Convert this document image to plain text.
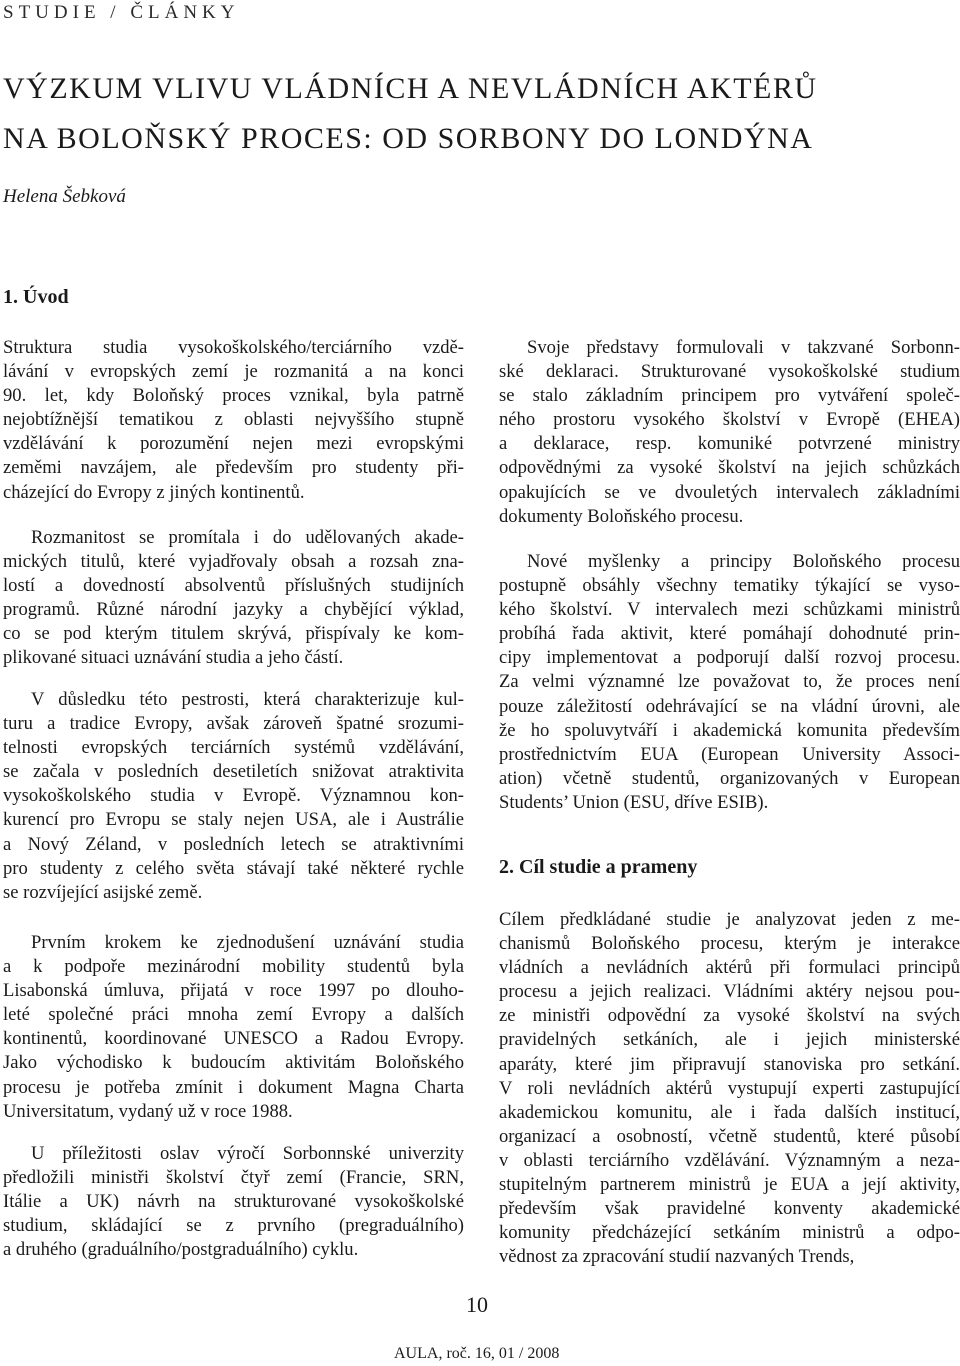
STUDIE / ČLÁNKY
VÝZKUM VLIVU VLÁDNÍCH A NEVLÁDNÍCH AKTÉRŮ
NA BOLOŇSKÝ PROCES: OD SORBONY DO LONDÝNA
Helena Šebková
1. Úvod

Struktura studia vysokoškolského/terciárního vzdě-
lávání v evropských zemí je rozmanitá a na konci
90. let, kdy Boloňský proces vznikal, byla patrně
nejobtížnější tematikou z oblasti nejvyššího stupně
vzdělávání k porozumění nejen mezi evropskými
zeměmi navzájem, ale především pro studenty při-
cházející do Evropy z jiných kontinentů.

Rozmanitost se promítala i do udělovaných akade-
mických titulů, které vyjadřovaly obsah a rozsah zna-
lostí a dovedností absolventů příslušných studijních
programů. Různé národní jazyky a chybějící výklad,
co se pod kterým titulem skrývá, přispívaly ke kom-
plikované situaci uznávání studia a jeho částí.

V důsledku této pestrosti, která charakterizuje kul-
turu a tradice Evropy, avšak zároveň špatné srozumi-
telnosti evropských terciárních systémů vzdělávání,
se začala v posledních desetiletích snižovat atraktivita
vysokoškolského studia v Evropě. Významnou kon-
kurencí pro Evropu se staly nejen USA, ale i Austrálie
a Nový Zéland, v posledních letech se atraktivními
pro studenty z celého světa stávají také některé rychle
se rozvíjející asijské země.

Prvním krokem ke zjednodušení uznávání studia
a k podpoře mezinárodní mobility studentů byla
Lisabonská úmluva, přijatá v roce 1997 po dlouho-
leté společné práci mnoha zemí Evropy a dalších
kontinentů, koordinované UNESCO a Radou Evropy.
Jako východisko k budoucím aktivitám Boloňského
procesu je potřeba zmínit i dokument Magna Charta
Universitatum, vydaný už v roce 1988.

U příležitosti oslav výročí Sorbonnské univerzity
předložili ministři školství čtyř zemí (Francie, SRN,
Itálie a UK) návrh na strukturované vysokoškolské
studium, skládající se z prvního (pregraduálního)
a druhého (graduálního/postgraduálního) cyklu.

Svoje představy formulovali v takzvané Sorbonn-
ské deklaraci. Strukturované vysokoškolské studium
se stalo základním principem pro vytváření společ-
ného prostoru vysokého školství v Evropě (EHEA)
a deklarace, resp. komuniké potvrzené ministry
odpovědnými za vysoké školství na jejich schůzkách
opakujících se ve dvouletých intervalech základními
dokumenty Boloňského procesu.

Nové myšlenky a principy Boloňského procesu
postupně obsáhly všechny tematiky týkající se vyso-
kého školství. V intervalech mezi schůzkami ministrů
probíhá řada aktivit, které pomáhají dohodnuté prin-
cipy implementovat a podporují další rozvoj procesu.
Za velmi významné lze považovat to, že proces není
pouze záležitostí odehrávající se na vládní úrovni, ale
že ho spoluvytváří i akademická komunita především
prostřednictvím EUA (European University Associ-
ation) včetně studentů, organizovaných v European
Students’ Union (ESU, dříve ESIB).

Cílem předkládané studie je analyzovat jeden z me-
chanismů Boloňského procesu, kterým je interakce
vládních a nevládních aktérů při formulaci principů
procesu a jejich realizaci. Vládními aktéry nejsou pou-
ze ministři odpovědní za vysoké školství na svých
pravidelných setkáních, ale i jejich ministerské
aparáty, které jim připravují stanoviska pro setkání.
V roli nevládních aktérů vystupují experti zastupující
akademickou komunitu, ale i řada dalších institucí,
organizací a osobností, včetně studentů, které působí
v oblasti terciárního vzdělávání. Významným a neza-
stupitelným partnerem ministrů je EUA a její aktivity,
především však pravidelné konventy akademické
komunity předcházející setkáním ministrů a odpo-
vědnost za zpracování studií nazvaných Trends,

2. Cíl studie a prameny
10
AULA, roč. 16, 01 / 2008
